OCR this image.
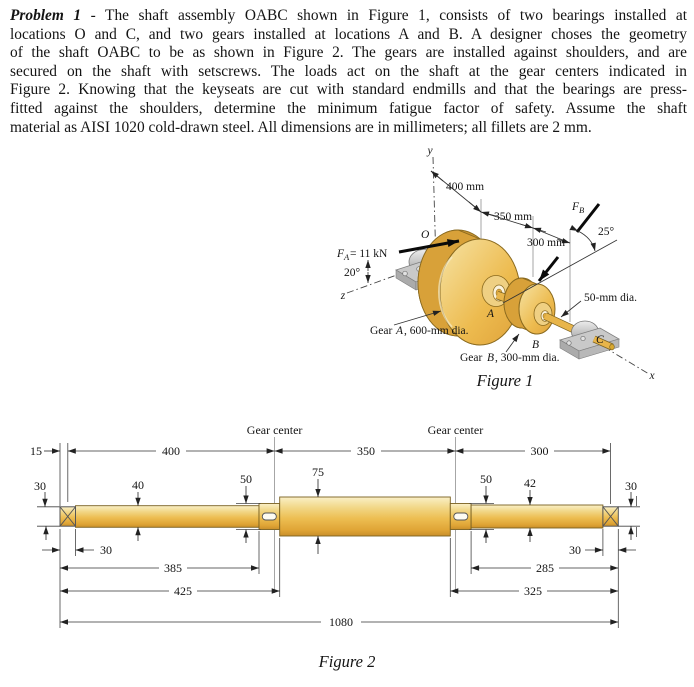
Problem 1 - The shaft assembly OABC shown in Figure 1, consists of two bearings installed at
locations O and C, and two gears installed at locations A and B. A designer choses the geometry
of the shaft OABC to be as shown in Figure 2. The gears are installed against shoulders, and are
secured on the shaft with setscrews. The loads act on the shaft at the gear centers indicated in
Figure 2. Knowing that the keyseats are cut with standard endmills and that the bearings are press-
fitted against the shoulders, determine the minimum fatigue factor of safety. Assume the shaft
material as AISI 1020 cold-drawn steel. All dimensions are in millimeters; all fillets are 2 mm.
y
z
x
400 mm
350 mm
300 mm
F A = 11 kN
20°
F B
25°
Gear A , 600-mm dia.
Gear B , 300-mm dia.
50-mm dia.
O
A
B	C
Figure 1
Gear center	Gear center
15	400	350	300
30	40	50	75	50	42	30
30	30
385	285
425	325
1080
Figure 2
